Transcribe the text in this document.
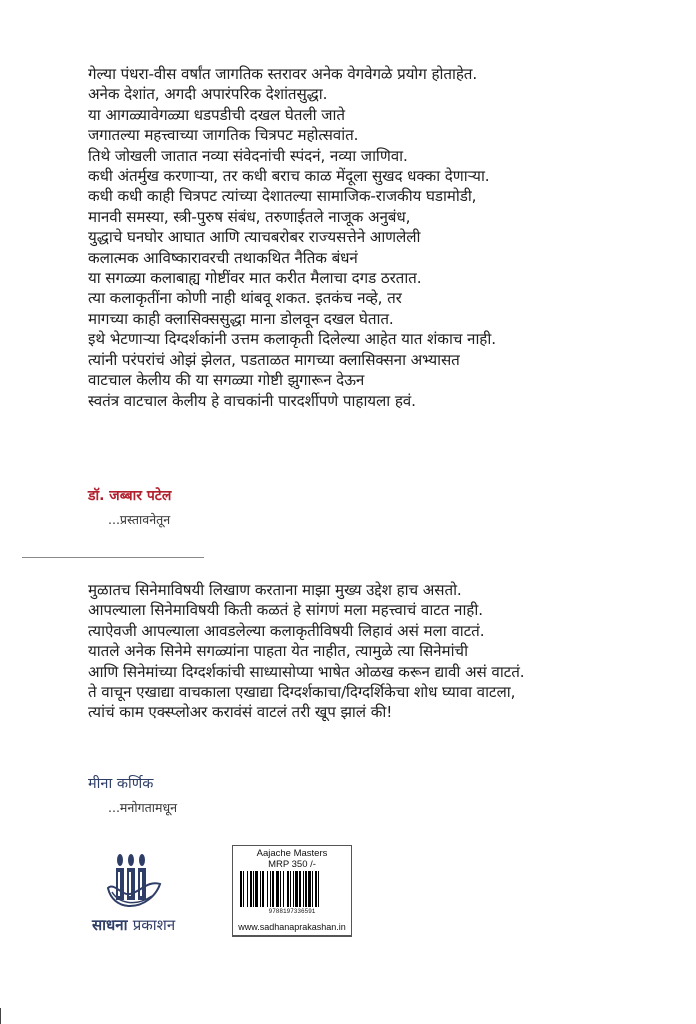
गेल्या पंधरा-वीस वर्षांत जागतिक स्तरावर अनेक वेगवेगळे प्रयोग होताहेत.
अनेक देशांत, अगदी अपारंपरिक देशांतसुद्धा.
या आगळ्यावेगळ्या धडपडीची दखल घेतली जाते
जगातल्या महत्त्वाच्या जागतिक चित्रपट महोत्सवांत.
तिथे जोखली जातात नव्या संवेदनांची स्पंदनं, नव्या जाणिवा.
कधी अंतर्मुख करणाऱ्या, तर कधी बराच काळ मेंदूला सुखद धक्का देणाऱ्या.
कधी कधी काही चित्रपट त्यांच्या देशातल्या सामाजिक-राजकीय घडामोडी,
मानवी समस्या, स्त्री-पुरुष संबंध, तरुणाईतले नाजूक अनुबंध,
युद्धाचे घनघोर आघात आणि त्याचबरोबर राज्यसत्तेने आणलेली
कलात्मक आविष्कारावरची तथाकथित नैतिक बंधनं
या सगळ्या कलाबाह्य गोष्टींवर मात करीत मैलाचा दगड ठरतात.
त्या कलाकृतींना कोणी नाही थांबवू शकत. इतकंच नव्हे, तर
मागच्या काही क्लासिक्ससुद्धा माना डोलवून दखल घेतात.
इथे भेटणाऱ्या दिग्दर्शकांनी उत्तम कलाकृती दिलेल्या आहेत यात शंकाच नाही.
त्यांनी परंपरांचं ओझं झेलत, पडताळत मागच्या क्लासिक्सना अभ्यासत
वाटचाल केलीय की या सगळ्या गोष्टी झुगारून देऊन
स्वतंत्र वाटचाल केलीय हे वाचकांनी पारदर्शीपणे पाहायला हवं.
डॉ. जब्बार पटेल
...प्रस्तावनेतून
मुळातच सिनेमाविषयी लिखाण करताना माझा मुख्य उद्देश हाच असतो.
आपल्याला सिनेमाविषयी किती कळतं हे सांगणं मला महत्त्वाचं वाटत नाही.
त्याऐवजी आपल्याला आवडलेल्या कलाकृतीविषयी लिहावं असं मला वाटतं.
यातले अनेक सिनेमे सगळ्यांना पाहता येत नाहीत, त्यामुळे त्या सिनेमांची
आणि सिनेमांच्या दिग्दर्शकांची साध्यासोप्या भाषेत ओळख करून द्यावी असं वाटतं.
ते वाचून एखाद्या वाचकाला एखाद्या दिग्दर्शकाचा/दिग्दर्शिकेचा शोध घ्यावा वाटला,
त्यांचं काम एक्स्प्लोअर करावंसं वाटलं तरी खूप झालं की!
मीना कर्णिक
...मनोगतामधून
साधना प्रकाशन
Aajache Masters
MRP 350 /-
9788197336591
www.sadhanaprakashan.in
